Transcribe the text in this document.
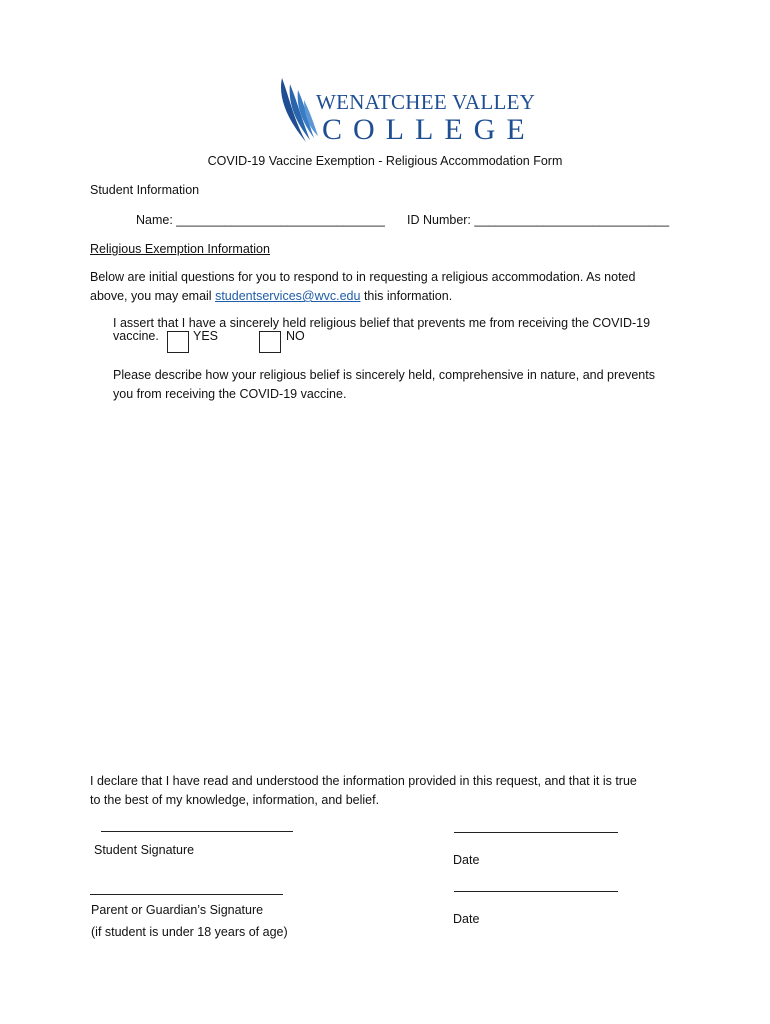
WENATCHEE VALLEY
COLLEGE
COVID-19 Vaccine Exemption - Religious Accommodation Form
Student Information
Name: ______________________________ ID Number: ____________________________
Religious Exemption Information
Below are initial questions for you to respond to in requesting a religious accommodation. As noted
above, you may email studentservices@wvc.edu this information.
I assert that I have a sincerely held religious belief that prevents me from receiving the COVID-19
vaccine.	YES	NO
Please describe how your religious belief is sincerely held, comprehensive in nature, and prevents
you from receiving the COVID-19 vaccine.
I declare that I have read and understood the information provided in this request, and that it is true
to the best of my knowledge, information, and belief.
Student Signature
Date
Parent or Guardian’s Signature
(if student is under 18 years of age)
Date
